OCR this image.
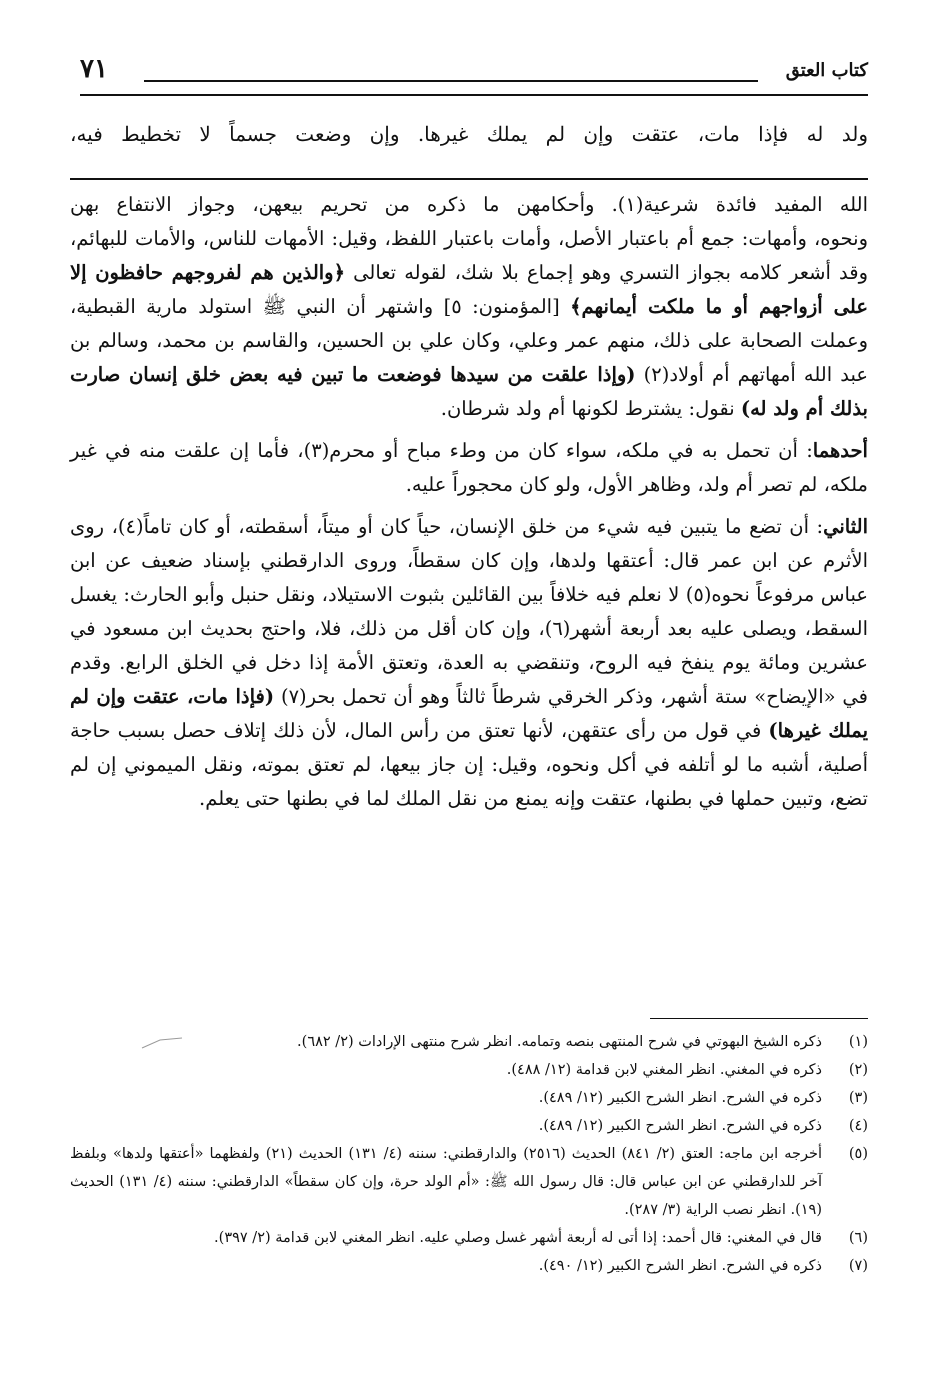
كتاب العتق
٧١
ولد له فإذا مات، عتقت وإن لم يملك غيرها. وإن وضعت جسماً لا تخطيط فيه،

الله المفيد فائدة شرعية(١). وأحكامهن ما ذكره من تحريم بيعهن، وجواز الانتفاع بهن
ونحوه، وأمهات: جمع أم باعتبار الأصل، وأمات باعتبار اللفظ، وقيل: الأمهات للناس، والأمات للبهائم، وقد أشعر كلامه بجواز التسري وهو إجماع بلا شك، لقوله تعالى ﴿والذين هم لفروجهم حافظون إلا على أزواجهم أو ما ملكت أيمانهم﴾ [المؤمنون: ٥] واشتهر أن النبي ﷺ استولد مارية القبطية، وعملت الصحابة على ذلك، منهم عمر وعلي، وكان علي بن الحسين، والقاسم بن محمد، وسالم بن عبد الله أمهاتهم أم أولاد(٢) (وإذا علقت من سيدها فوضعت ما تبين فيه بعض خلق إنسان صارت بذلك أم ولد له) نقول: يشترط لكونها أم ولد شرطان.

أحدهما: أن تحمل به في ملكه، سواء كان من وطء مباح أو محرم(٣)، فأما إن علقت منه في غير ملكه، لم تصر أم ولد، وظاهر الأول، ولو كان محجوراً عليه.

الثاني: أن تضع ما يتبين فيه شيء من خلق الإنسان، حياً كان أو ميتاً، أسقطته، أو كان تاماً(٤)، روى الأثرم عن ابن عمر قال: أعتقها ولدها، وإن كان سقطاً، وروى الدارقطني بإسناد ضعيف عن ابن عباس مرفوعاً نحوه(٥) لا نعلم فيه خلافاً بين القائلين بثبوت الاستيلاد، ونقل حنبل وأبو الحارث: يغسل السقط، ويصلى عليه بعد أربعة أشهر(٦)، وإن كان أقل من ذلك، فلا، واحتج بحديث ابن مسعود في عشرين ومائة يوم ينفخ فيه الروح، وتنقضي به العدة، وتعتق الأمة إذا دخل في الخلق الرابع. وقدم في «الإيضاح» ستة أشهر، وذكر الخرقي شرطاً ثالثاً وهو أن تحمل بحر(٧) (فإذا مات، عتقت وإن لم يملك غيرها) في قول من رأى عتقهن، لأنها تعتق من رأس المال، لأن ذلك إتلاف حصل بسبب حاجة أصلية، أشبه ما لو أتلفه في أكل ونحوه، وقيل: إن جاز بيعها، لم تعتق بموته، ونقل الميموني إن لم تضع، وتبين حملها في بطنها، عتقت وإنه يمنع من نقل الملك لما في بطنها حتى يعلم.

(١)
ذكره الشيخ البهوتي في شرح المنتهى بنصه وتمامه. انظر شرح منتهى الإرادات (٢/ ٦٨٢).
(٢)
ذكره في المغني. انظر المغني لابن قدامة (١٢/ ٤٨٨).
(٣)
ذكره في الشرح. انظر الشرح الكبير (١٢/ ٤٨٩).
(٤)
ذكره في الشرح. انظر الشرح الكبير (١٢/ ٤٨٩).
(٥)
أخرجه ابن ماجه: العتق (٢/ ٨٤١) الحديث (٢٥١٦) والدارقطني: سننه (٤/ ١٣١) الحديث (٢١) ولفظهما «أعتقها ولدها» وبلفظ آخر للدارقطني عن ابن عباس قال: قال رسول الله ﷺ: «أم الولد حرة، وإن كان سقطاً» الدارقطني: سننه (٤/ ١٣١) الحديث (١٩). انظر نصب الراية (٣/ ٢٨٧).
(٦)
قال في المغني: قال أحمد: إذا أتى له أربعة أشهر غسل وصلي عليه. انظر المغني لابن قدامة (٢/ ٣٩٧).
(٧)
ذكره في الشرح. انظر الشرح الكبير (١٢/ ٤٩٠).
